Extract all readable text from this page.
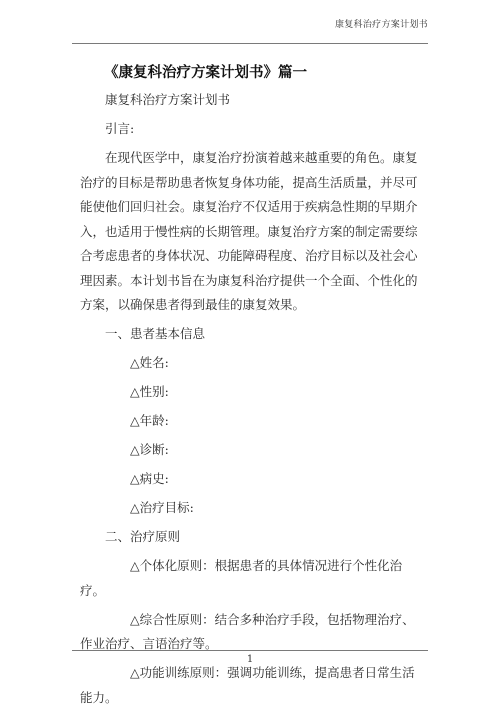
康复科治疗方案计划书
《康复科治疗方案计划书》篇一

康复科治疗方案计划书

引言:

在现代医学中，康复治疗扮演着越来越重要的角色。康复治疗的目标是帮助患者恢复身体功能，提高生活质量，并尽可能使他们回归社会。康复治疗不仅适用于疾病急性期的早期介入，也适用于慢性病的长期管理。康复治疗方案的制定需要综合考虑患者的身体状况、功能障碍程度、治疗目标以及社会心理因素。本计划书旨在为康复科治疗提供一个全面、个性化的方案，以确保患者得到最佳的康复效果。

一、患者基本信息

△姓名:

△性别:

△年龄:

△诊断:

△病史:

△治疗目标:

二、治疗原则

△个体化原则：根据患者的具体情况进行个性化治疗。

△综合性原则：结合多种治疗手段，包括物理治疗、作业治疗、言语治疗等。

△功能训练原则：强调功能训练，提高患者日常生活能力。

1
